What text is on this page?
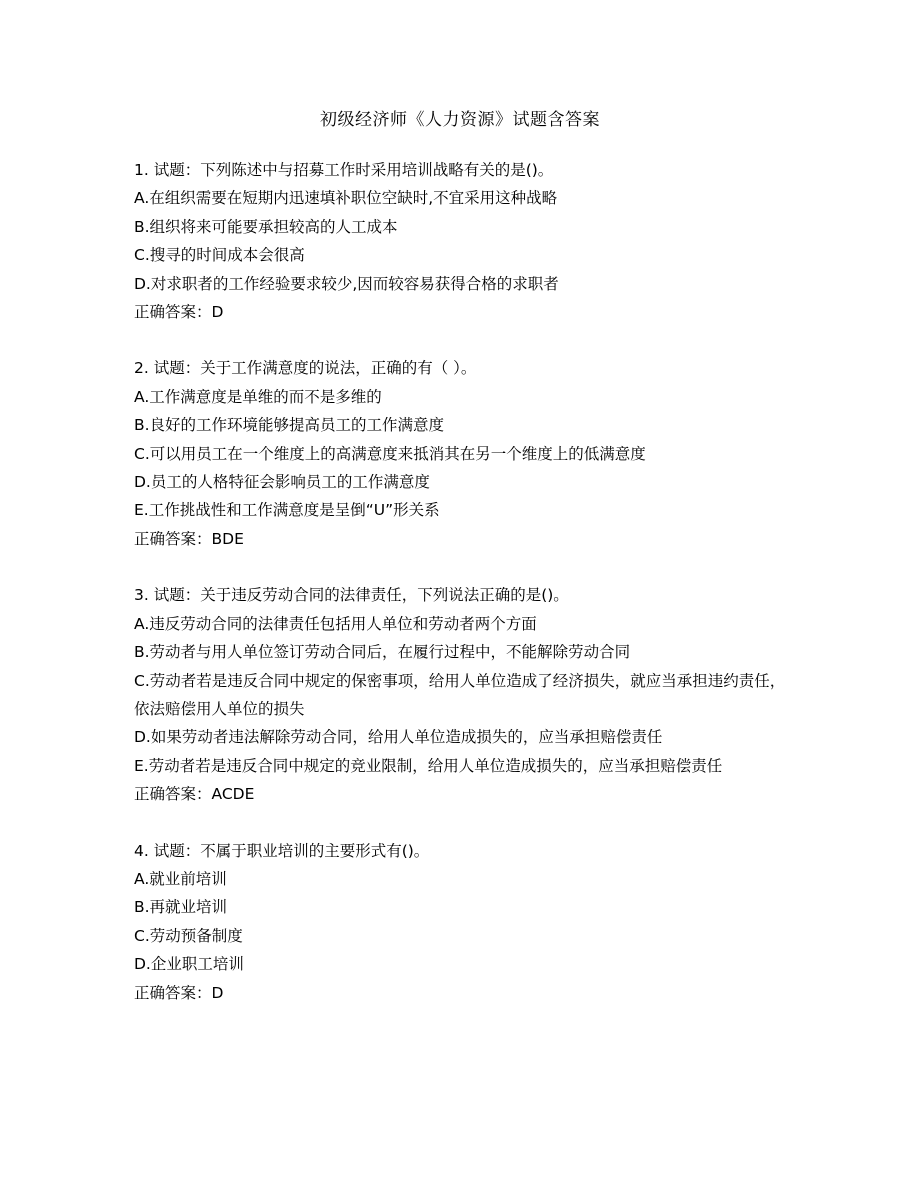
初级经济师《人力资源》试题含答案
1. 试题：下列陈述中与招募工作时采用培训战略有关的是()。
A.在组织需要在短期内迅速填补职位空缺时,不宜采用这种战略
B.组织将来可能要承担较高的人工成本
C.搜寻的时间成本会很高
D.对求职者的工作经验要求较少,因而较容易获得合格的求职者
正确答案：D
2. 试题：关于工作满意度的说法，正确的有（ ）。
A.工作满意度是单维的而不是多维的
B.良好的工作环境能够提高员工的工作满意度
C.可以用员工在一个维度上的高满意度来抵消其在另一个维度上的低满意度
D.员工的人格特征会影响员工的工作满意度
E.工作挑战性和工作满意度是呈倒“U”形关系
正确答案：BDE
3. 试题：关于违反劳动合同的法律责任，下列说法正确的是()。
A.违反劳动合同的法律责任包括用人单位和劳动者两个方面
B.劳动者与用人单位签订劳动合同后，在履行过程中，不能解除劳动合同
C.劳动者若是违反合同中规定的保密事项，给用人单位造成了经济损失，就应当承担违约责任，依法赔偿用人单位的损失
D.如果劳动者违法解除劳动合同，给用人单位造成损失的，应当承担赔偿责任
E.劳动者若是违反合同中规定的竞业限制，给用人单位造成损失的，应当承担赔偿责任
正确答案：ACDE
4. 试题：不属于职业培训的主要形式有()。
A.就业前培训
B.再就业培训
C.劳动预备制度
D.企业职工培训
正确答案：D
